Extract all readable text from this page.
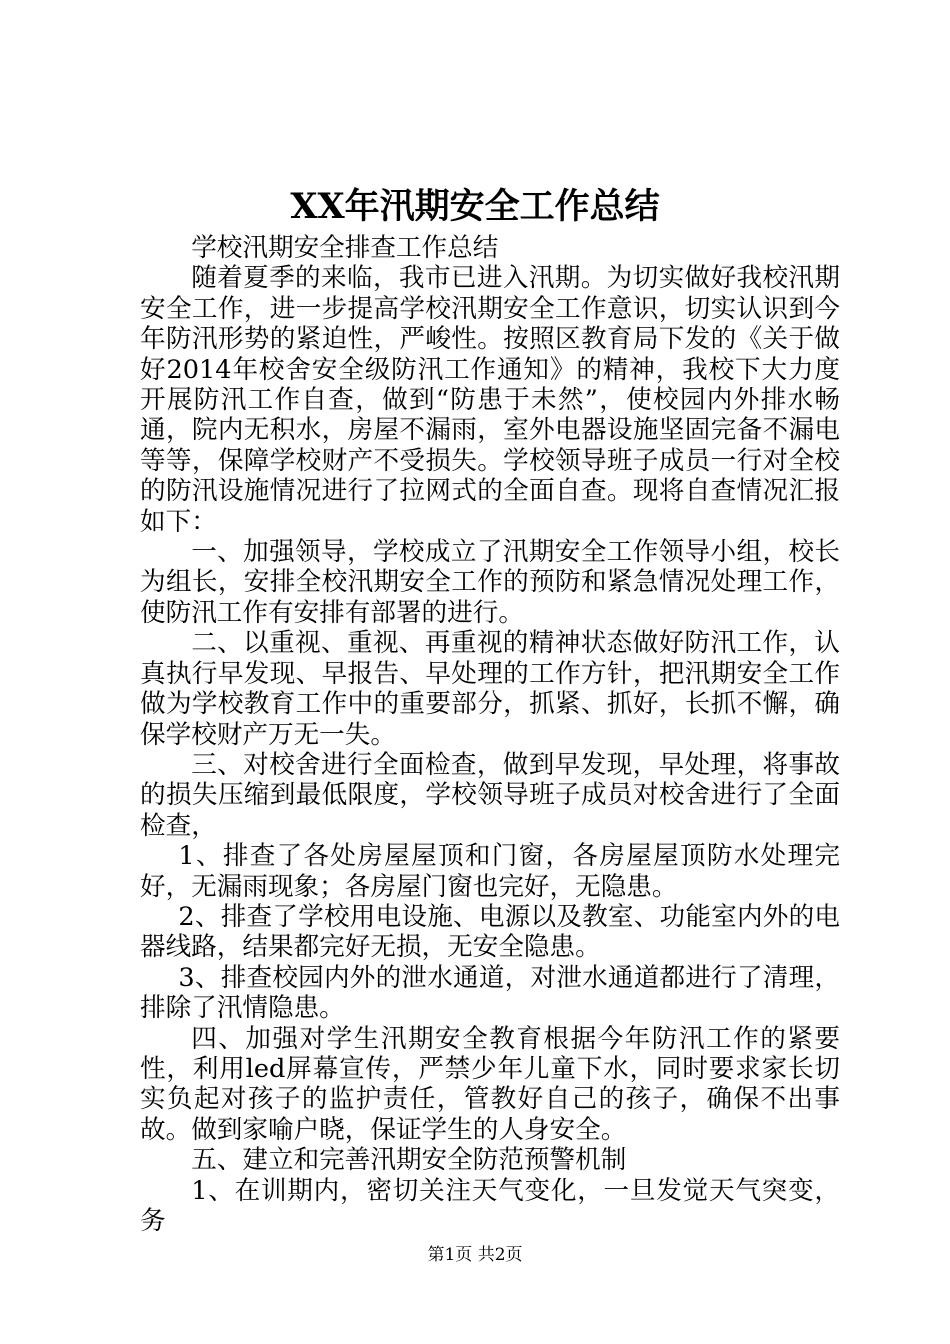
XX年汛期安全工作总结

学校汛期安全排查工作总结

随着夏季的来临，我市已进入汛期。为切实做好我校汛期安全工作，进一步提高学校汛期安全工作意识，切实认识到今年防汛形势的紧迫性，严峻性。按照区教育局下发的《关于做好2014年校舍安全级防汛工作通知》的精神，我校下大力度开展防汛工作自查，做到“防患于未然”，使校园内外排水畅通，院内无积水，房屋不漏雨，室外电器设施坚固完备不漏电等等，保障学校财产不受损失。学校领导班子成员一行对全校的防汛设施情况进行了拉网式的全面自查。现将自查情况汇报如下：

一、加强领导，学校成立了汛期安全工作领导小组，校长为组长，安排全校汛期安全工作的预防和紧急情况处理工作，使防汛工作有安排有部署的进行。

二、以重视、重视、再重视的精神状态做好防汛工作，认真执行早发现、早报告、早处理的工作方针，把汛期安全工作做为学校教育工作中的重要部分，抓紧、抓好，长抓不懈，确保学校财产万无一失。

三、对校舍进行全面检查，做到早发现，早处理，将事故的损失压缩到最低限度，学校领导班子成员对校舍进行了全面检查，

1、排查了各处房屋屋顶和门窗，各房屋屋顶防水处理完好，无漏雨现象；各房屋门窗也完好，无隐患。

2、排查了学校用电设施、电源以及教室、功能室内外的电器线路，结果都完好无损，无安全隐患。

3、排查校园内外的泄水通道，对泄水通道都进行了清理，排除了汛情隐患。

四、加强对学生汛期安全教育根据今年防汛工作的紧要性，利用led屏幕宣传，严禁少年儿童下水，同时要求家长切实负起对孩子的监护责任，管教好自己的孩子，确保不出事故。做到家喻户晓，保证学生的人身安全。

五、建立和完善汛期安全防范预警机制

1、在训期内，密切关注天气变化，一旦发觉天气突变，务

第1页 共2页
